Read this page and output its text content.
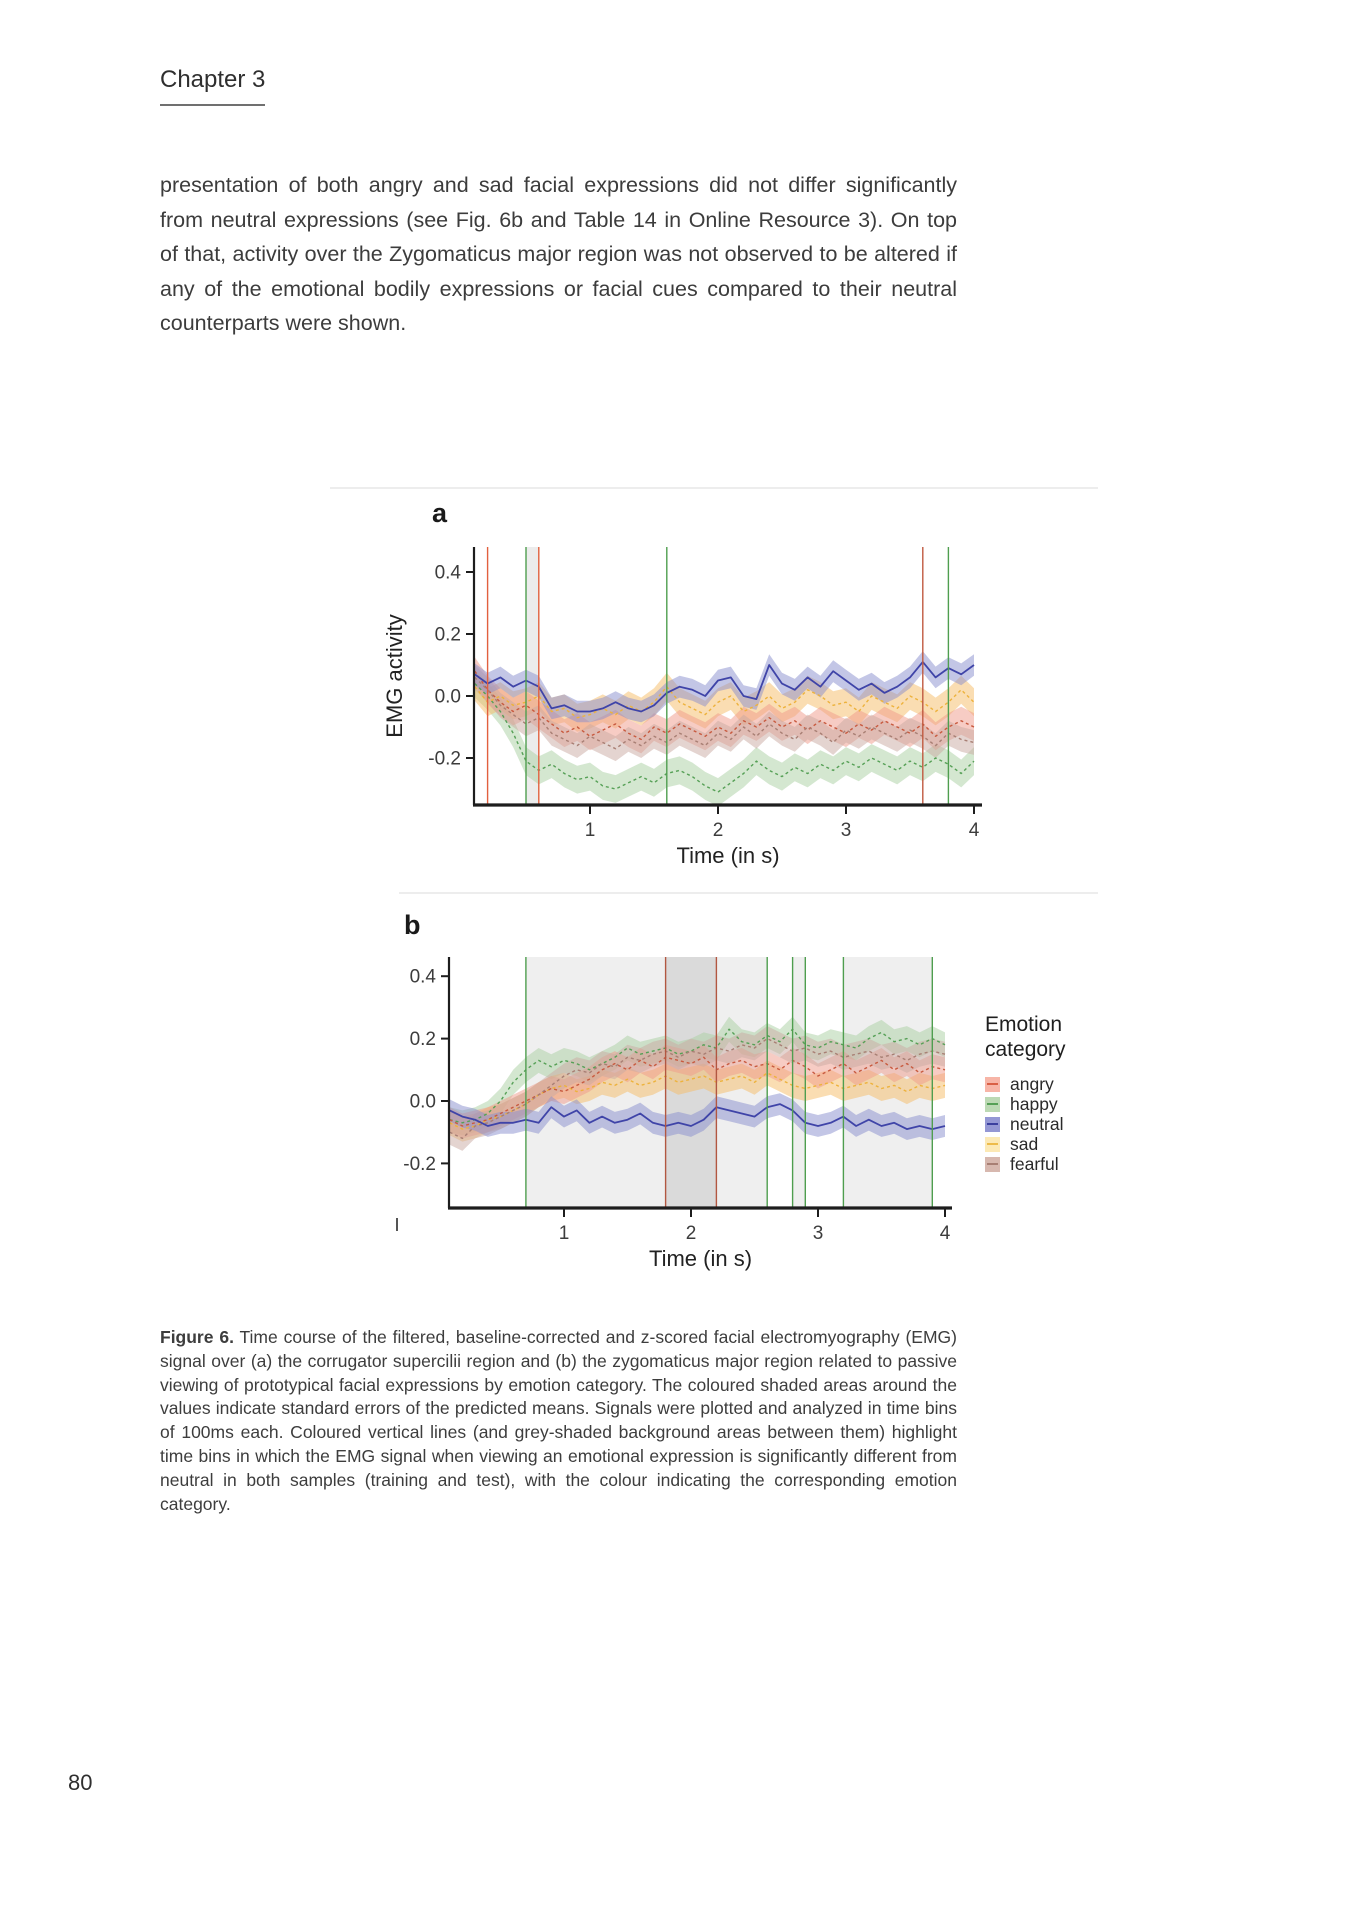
Chapter 3
presentation of both angry and sad facial expressions did not differ significantly from neutral expressions (see Fig. 6b and Table 14 in Online Resource 3). On top of that, activity over the Zygomaticus major region was not observed to be altered if any of the emotional bodily expressions or facial cues compared to their neutral counterparts were shown.
a
b
0.4
0.2
0.0
-0.2
1	2	3	4
Time (in s)
EMG activity
0.4
0.2
0.0
-0.2
1	2	3	4
Time (in s)
Emotion
category
angry
happy
neutral
sad
fearful
Figure 6. Time course of the filtered, baseline-corrected and z-scored facial electromyography (EMG) signal over (a) the corrugator supercilii region and (b) the zygomaticus major region related to passive viewing of prototypical facial expressions by emotion category. The coloured shaded areas around the values indicate standard errors of the predicted means. Signals were plotted and analyzed in time bins of 100ms each. Coloured vertical lines (and grey-shaded background areas between them) highlight time bins in which the EMG signal when viewing an emotional expression is significantly different from neutral in both samples (training and test), with the colour indicating the corresponding emotion category.
80
